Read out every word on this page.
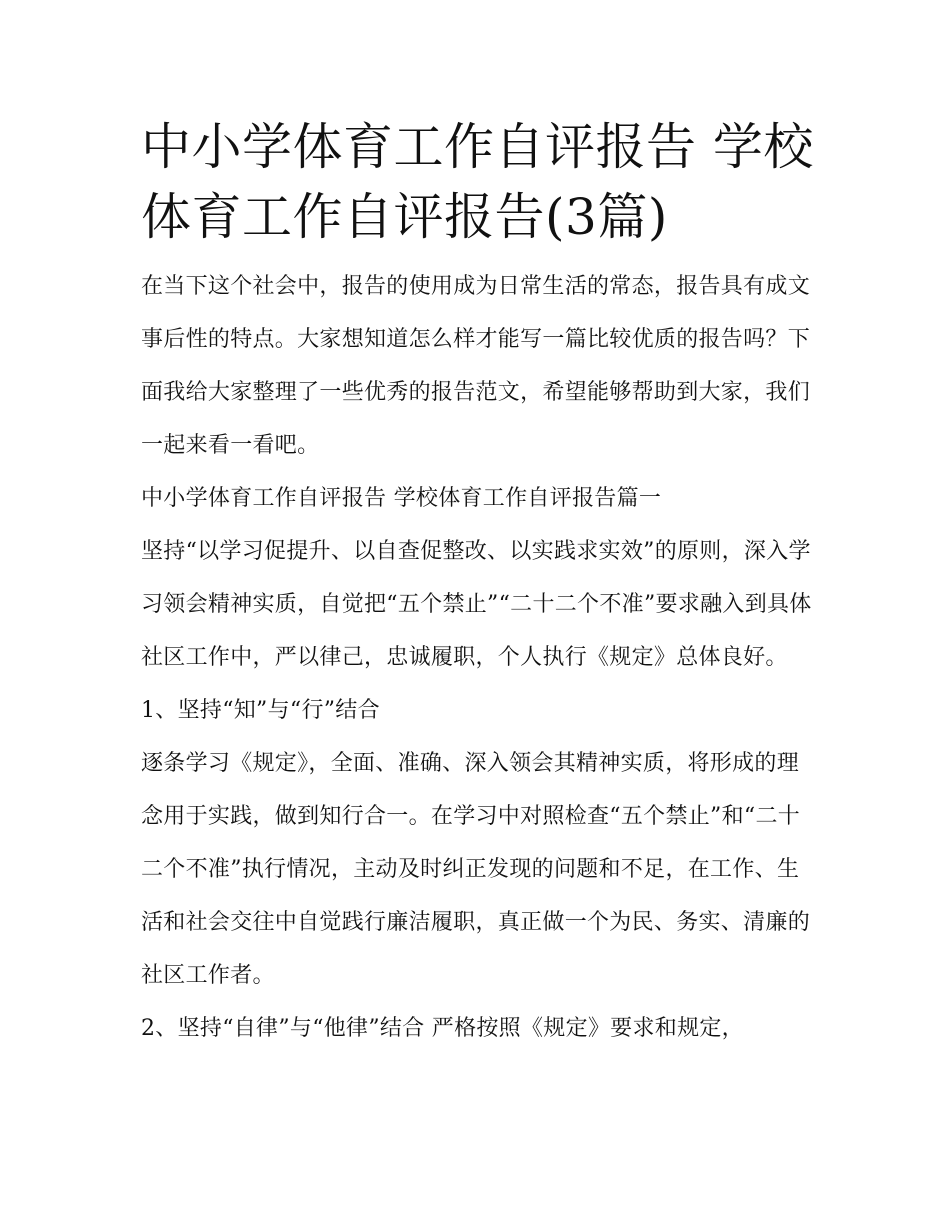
中小学体育工作自评报告 学校体育工作自评报告(3篇)

在当下这个社会中，报告的使用成为日常生活的常态，报告具有成文事后性的特点。大家想知道怎么样才能写一篇比较优质的报告吗？下面我给大家整理了一些优秀的报告范文，希望能够帮助到大家，我们一起来看一看吧。

中小学体育工作自评报告 学校体育工作自评报告篇一

坚持“以学习促提升、以自查促整改、以实践求实效”的原则，深入学习领会精神实质，自觉把“五个禁止”“二十二个不准”要求融入到具体社区工作中，严以律己，忠诚履职，个人执行《规定》总体良好。

1、坚持“知”与“行”结合

逐条学习《规定》，全面、准确、深入领会其精神实质，将形成的理念用于实践，做到知行合一。在学习中对照检查“五个禁止”和“二十二个不准”执行情况，主动及时纠正发现的问题和不足，在工作、生活和社会交往中自觉践行廉洁履职，真正做一个为民、务实、清廉的社区工作者。

2、坚持“自律”与“他律”结合 严格按照《规定》要求和规定，
